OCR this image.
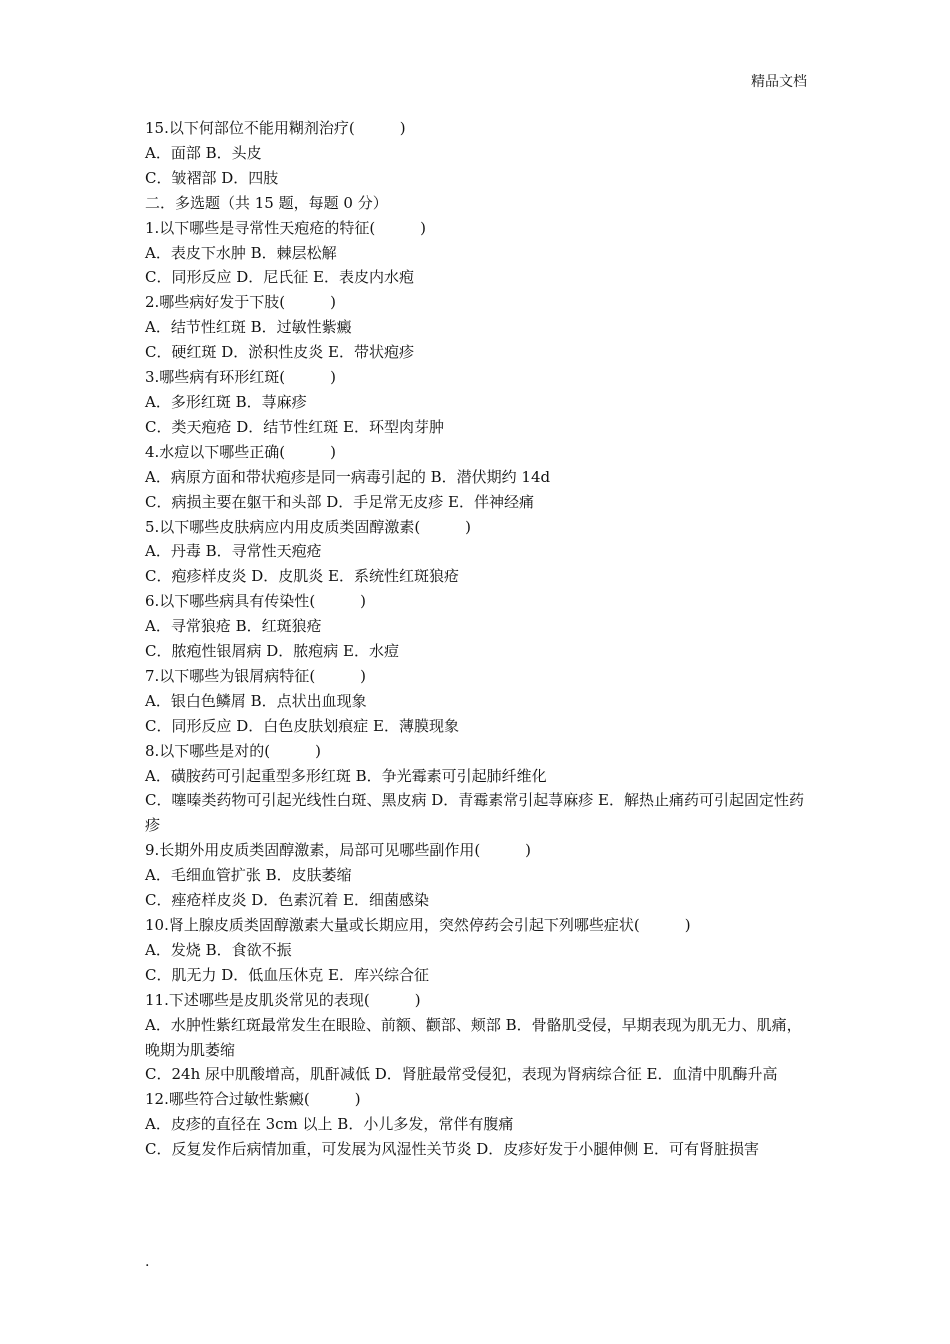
精品文档
15.以下何部位不能用糊剂治疗(　　　)
A．面部 B．头皮
C．皱褶部 D．四肢
二．多选题（共 15 题，每题 0 分）
1.以下哪些是寻常性天疱疮的特征(　　　)
A．表皮下水肿 B．棘层松解
C．同形反应 D．尼氏征 E．表皮内水疱
2.哪些病好发于下肢(　　　)
A．结节性红斑 B．过敏性紫癜
C．硬红斑 D．淤积性皮炎 E．带状疱疹
3.哪些病有环形红斑(　　　)
A．多形红斑 B．荨麻疹
C．类天疱疮 D．结节性红斑 E．环型肉芽肿
4.水痘以下哪些正确(　　　)
A．病原方面和带状疱疹是同一病毒引起的 B．潜伏期约 14d
C．病损主要在躯干和头部 D．手足常无皮疹 E．伴神经痛
5.以下哪些皮肤病应内用皮质类固醇激素(　　　)
A．丹毒 B．寻常性天疱疮
C．疱疹样皮炎 D．皮肌炎 E．系统性红斑狼疮
6.以下哪些病具有传染性(　　　)
A．寻常狼疮 B．红斑狼疮
C．脓疱性银屑病 D．脓疱病 E．水痘
7.以下哪些为银屑病特征(　　　)
A．银白色鳞屑 B．点状出血现象
C．同形反应 D．白色皮肤划痕症 E．薄膜现象
8.以下哪些是对的(　　　)
A．磺胺药可引起重型多形红斑 B．争光霉素可引起肺纤维化
C．噻嗪类药物可引起光线性白斑、黑皮病 D．青霉素常引起荨麻疹 E．解热止痛药可引起固定性药疹
9.长期外用皮质类固醇激素，局部可见哪些副作用(　　　)
A．毛细血管扩张 B．皮肤萎缩
C．痤疮样皮炎 D．色素沉着 E．细菌感染
10.肾上腺皮质类固醇激素大量或长期应用，突然停药会引起下列哪些症状(　　　)
A．发烧 B．食欲不振
C．肌无力 D．低血压休克 E．库兴综合征
11.下述哪些是皮肌炎常见的表现(　　　)
A．水肿性紫红斑最常发生在眼睑、前额、颧部、颊部 B．骨骼肌受侵，早期表现为肌无力、肌痛，晚期为肌萎缩
C．24h 尿中肌酸增高，肌酐减低 D．肾脏最常受侵犯，表现为肾病综合征 E．血清中肌酶升高
12.哪些符合过敏性紫癜(　　　)
A．皮疹的直径在 3cm 以上 B．小儿多发，常伴有腹痛
C．反复发作后病情加重，可发展为风湿性关节炎 D．皮疹好发于小腿伸侧 E．可有肾脏损害
.
